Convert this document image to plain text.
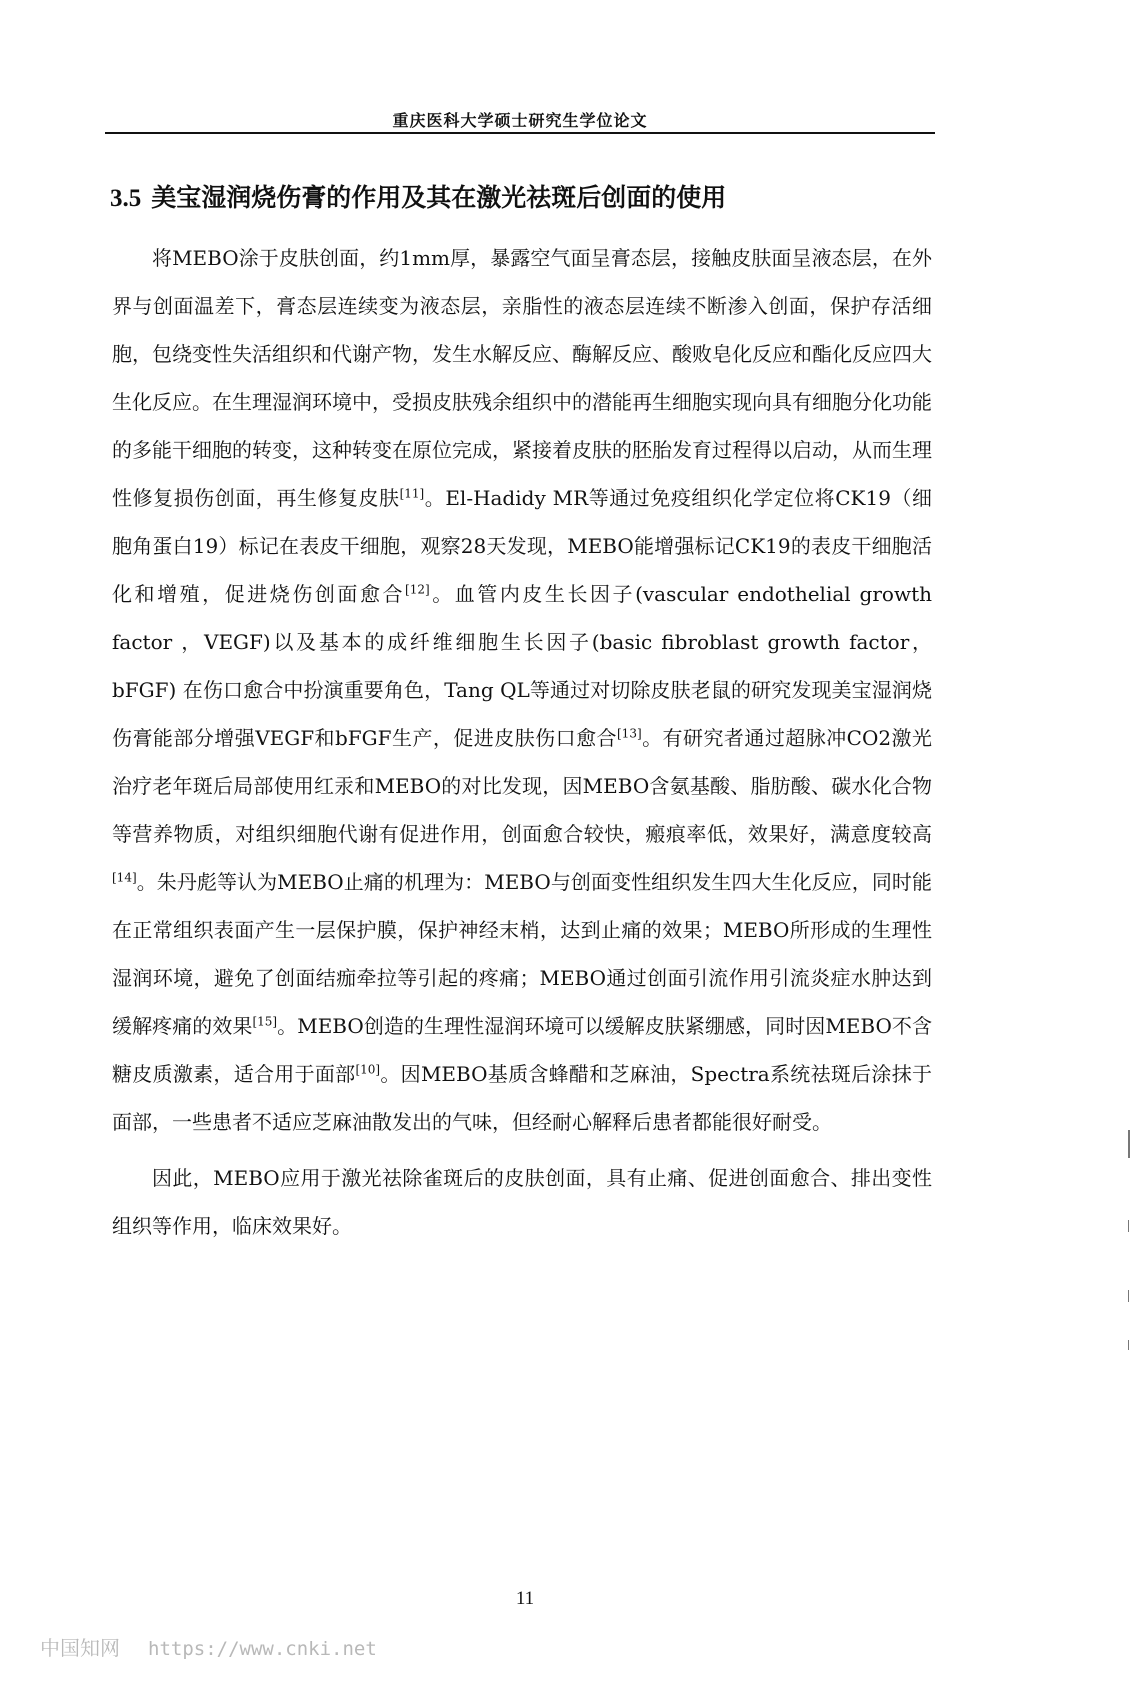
重庆医科大学硕士研究生学位论文
3.5 美宝湿润烧伤膏的作用及其在激光祛斑后创面的使用

将MEBO涂于皮肤创面，约1mm厚，暴露空气面呈膏态层，接触皮肤面呈液态层，在外界与创面温差下，膏态层连续变为液态层，亲脂性的液态层连续不断渗入创面，保护存活细胞，包绕变性失活组织和代谢产物，发生水解反应、酶解反应、酸败皂化反应和酯化反应四大生化反应。在生理湿润环境中，受损皮肤残余组织中的潜能再生细胞实现向具有细胞分化功能的多能干细胞的转变，这种转变在原位完成，紧接着皮肤的胚胎发育过程得以启动，从而生理性修复损伤创面，再生修复皮肤[11]。El-Hadidy MR等通过免疫组织化学定位将CK19（细胞角蛋白19）标记在表皮干细胞，观察28天发现，MEBO能增强标记CK19的表皮干细胞活化和增殖，促进烧伤创面愈合[12]。血管内皮生长因子(vascular endothelial growth factor ，VEGF)以及基本的成纤维细胞生长因子(basic fibroblast growth factor，bFGF) 在伤口愈合中扮演重要角色，Tang QL等通过对切除皮肤老鼠的研究发现美宝湿润烧伤膏能部分增强VEGF和bFGF生产，促进皮肤伤口愈合[13]。有研究者通过超脉冲CO2激光治疗老年斑后局部使用红汞和MEBO的对比发现，因MEBO含氨基酸、脂肪酸、碳水化合物等营养物质，对组织细胞代谢有促进作用，创面愈合较快，瘢痕率低，效果好，满意度较高[14]。朱丹彪等认为MEBO止痛的机理为：MEBO与创面变性组织发生四大生化反应，同时能在正常组织表面产生一层保护膜，保护神经末梢，达到止痛的效果；MEBO所形成的生理性湿润环境，避免了创面结痂牵拉等引起的疼痛；MEBO通过创面引流作用引流炎症水肿达到缓解疼痛的效果[15]。MEBO创造的生理性湿润环境可以缓解皮肤紧绷感，同时因MEBO不含糖皮质激素，适合用于面部[10]。因MEBO基质含蜂醋和芝麻油，Spectra系统祛斑后涂抹于面部，一些患者不适应芝麻油散发出的气味，但经耐心解释后患者都能很好耐受。

因此，MEBO应用于激光祛除雀斑后的皮肤创面，具有止痛、促进创面愈合、排出变性组织等作用，临床效果好。

11
中国知网 https://www.cnki.net
